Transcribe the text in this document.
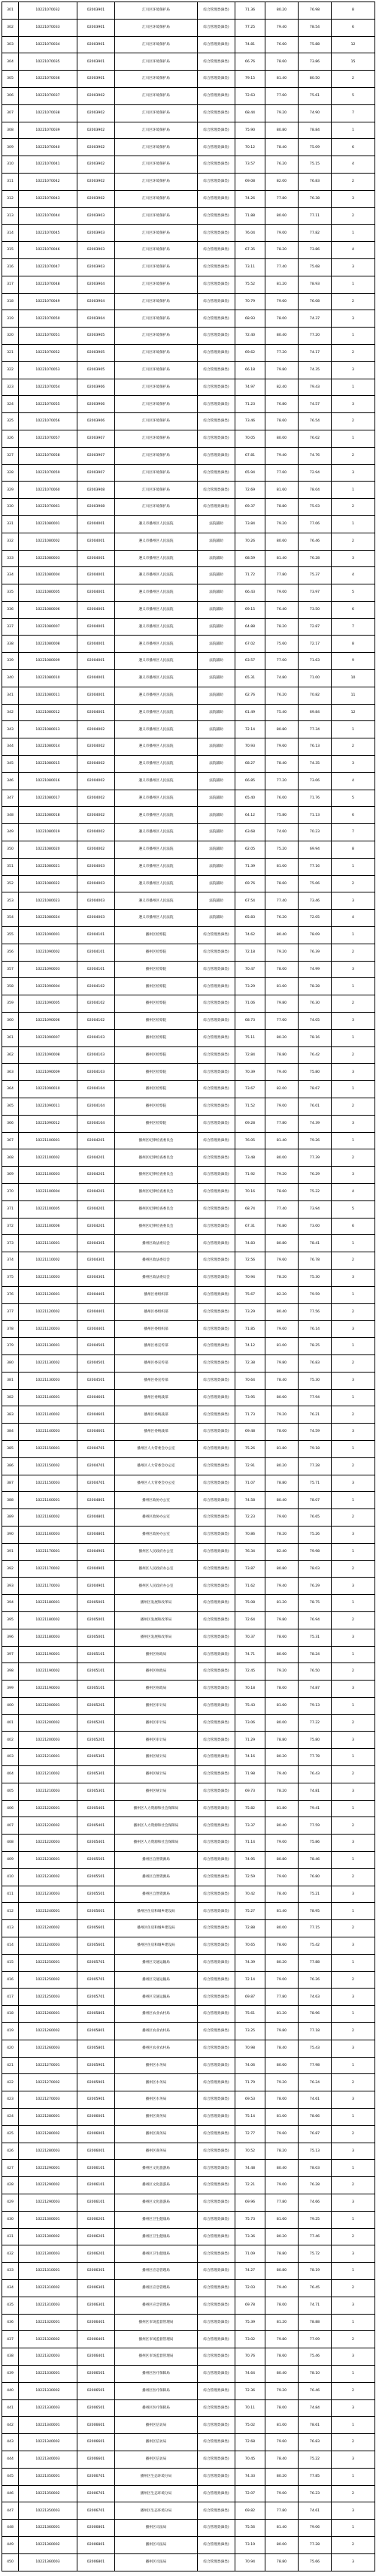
301	10221070032	02003901	汇川区环境保护局	综合管理类(B类)	71.36	80.20	76.98	8
302	10221070033	02003901	汇川区环境保护局	综合管理类(B类)	77.25	79.40	78.54	6
303	10221070034	02003901	汇川区环境保护局	综合管理类(B类)	74.81	76.60	75.88	12
304	10221070035	02003901	汇川区环境保护局	综合管理类(B类)	66.76	78.60	73.86	15
305	10221070036	02003901	汇川区环境保护局	综合管理类(B类)	79.15	81.40	80.50	2
306	10221070037	02003902	汇川区环境保护局	综合管理类(B类)	72.63	77.60	75.61	5
307	10221070038	02003902	汇川区环境保护局	综合管理类(B类)	68.44	79.20	74.90	7
308	10221070039	02003902	汇川区环境保护局	综合管理类(B类)	75.90	80.80	78.84	1
309	10221070040	02003902	汇川区环境保护局	综合管理类(B类)	70.12	78.40	75.09	6
310	10221070041	02003902	汇川区环境保护局	综合管理类(B类)	73.57	76.20	75.15	4
311	10221070042	02003902	汇川区环境保护局	综合管理类(B类)	69.08	82.00	76.83	2
312	10221070043	02003902	汇川区环境保护局	综合管理类(B类)	74.26	77.80	76.38	3
313	10221070044	02003903	汇川区环境保护局	综合管理类(B类)	71.88	80.60	77.11	2
314	10221070045	02003903	汇川区环境保护局	综合管理类(B类)	76.04	79.00	77.82	1
315	10221070046	02003903	汇川区环境保护局	综合管理类(B类)	67.35	78.20	73.86	4
316	10221070047	02003903	汇川区环境保护局	综合管理类(B类)	73.11	77.40	75.68	3
317	10221070048	02003904	汇川区环境保护局	综合管理类(B类)	75.52	81.20	78.93	1
318	10221070049	02003904	汇川区环境保护局	综合管理类(B类)	70.79	79.60	76.08	2
319	10221070050	02003904	汇川区环境保护局	综合管理类(B类)	68.93	78.00	74.37	3
320	10221070051	02003905	汇川区环境保护局	综合管理类(B类)	72.40	80.40	77.20	1
321	10221070052	02003905	汇川区环境保护局	综合管理类(B类)	69.62	77.20	74.17	2
322	10221070053	02003905	汇川区环境保护局	综合管理类(B类)	66.18	79.80	74.35	3
323	10221070054	02003906	汇川区环境保护局	综合管理类(B类)	74.97	82.40	79.43	1
324	10221070055	02003906	汇川区环境保护局	综合管理类(B类)	71.23	76.80	74.57	3
325	10221070056	02003906	汇川区环境保护局	综合管理类(B类)	73.46	78.60	76.54	2
326	10221070057	02003907	汇川区环境保护局	综合管理类(B类)	70.05	80.00	76.02	1
327	10221070058	02003907	汇川区环境保护局	综合管理类(B类)	67.81	79.40	74.76	2
328	10221070059	02003907	汇川区环境保护局	综合管理类(B类)	65.94	77.60	72.94	3
329	10221070060	02003908	汇川区环境保护局	综合管理类(B类)	72.69	81.60	78.04	1
330	10221070061	02003908	汇川区环境保护局	综合管理类(B类)	69.37	78.80	75.03	2
331	10221080001	02004001	遵义市播州区人民法院	法院辅助	73.84	79.20	77.06	1
332	10221080002	02004001	遵义市播州区人民法院	法院辅助	70.26	80.60	76.46	2
333	10221080003	02004001	遵义市播州区人民法院	法院辅助	68.59	81.40	76.28	3
334	10221080004	02004001	遵义市播州区人民法院	法院辅助	71.72	77.80	75.37	4
335	10221080005	02004001	遵义市播州区人民法院	法院辅助	66.43	79.00	73.97	5
336	10221080006	02004001	遵义市播州区人民法院	法院辅助	69.15	76.40	73.50	6
337	10221080007	02004001	遵义市播州区人民法院	法院辅助	64.88	78.20	72.87	7
338	10221080008	02004001	遵义市播州区人民法院	法院辅助	67.02	75.60	72.17	8
339	10221080009	02004001	遵义市播州区人民法院	法院辅助	63.57	77.00	71.63	9
340	10221080010	02004001	遵义市播州区人民法院	法院辅助	65.31	74.80	71.00	10
341	10221080011	02004001	遵义市播州区人民法院	法院辅助	62.76	76.20	70.82	11
342	10221080012	02004001	遵义市播州区人民法院	法院辅助	61.49	75.40	69.84	12
343	10221080013	02004002	遵义市播州区人民法院	法院辅助	72.14	80.80	77.34	1
344	10221080014	02004002	遵义市播州区人民法院	法院辅助	70.93	79.60	76.13	2
345	10221080015	02004002	遵义市播州区人民法院	法院辅助	68.27	78.40	74.35	3
346	10221080016	02004002	遵义市播州区人民法院	法院辅助	66.85	77.20	73.06	4
347	10221080017	02004002	遵义市播州区人民法院	法院辅助	65.40	76.00	71.76	5
348	10221080018	02004002	遵义市播州区人民法院	法院辅助	64.12	75.80	71.13	6
349	10221080019	02004002	遵义市播州区人民法院	法院辅助	63.68	74.60	70.23	7
350	10221080020	02004002	遵义市播州区人民法院	法院辅助	62.05	75.20	69.94	8
351	10221080021	02004003	遵义市播州区人民法院	法院辅助	71.39	81.00	77.16	1
352	10221080022	02004003	遵义市播州区人民法院	法院辅助	69.76	78.60	75.06	2
353	10221080023	02004003	遵义市播州区人民法院	法院辅助	67.54	77.40	73.46	3
354	10221080024	02004003	遵义市播州区人民法院	法院辅助	65.83	76.20	72.05	4
355	10221090001	02004101	播州区检察院	综合管理类(B类)	74.62	80.40	78.09	1
356	10221090002	02004101	播州区检察院	综合管理类(B类)	72.18	79.20	76.39	2
357	10221090003	02004101	播州区检察院	综合管理类(B类)	70.47	78.00	74.99	3
358	10221090004	02004102	播州区检察院	综合管理类(B类)	73.29	81.60	78.28	1
359	10221090005	02004102	播州区检察院	综合管理类(B类)	71.06	79.80	76.30	2
360	10221090006	02004102	播州区检察院	综合管理类(B类)	68.73	77.60	74.05	3
361	10221090007	02004103	播州区检察院	综合管理类(B类)	75.11	80.20	78.16	1
362	10221090008	02004103	播州区检察院	综合管理类(B类)	72.84	78.80	76.42	2
363	10221090009	02004103	播州区检察院	综合管理类(B类)	70.39	79.40	75.80	3
364	10221090010	02004104	播州区检察院	综合管理类(B类)	73.67	82.00	78.67	1
365	10221090011	02004104	播州区检察院	综合管理类(B类)	71.52	79.00	76.01	2
366	10221090012	02004104	播州区检察院	综合管理类(B类)	69.28	77.80	74.39	3
367	10221100001	02004201	播州区纪律检查委员会	综合管理类(B类)	76.05	81.40	79.26	1
368	10221100002	02004201	播州区纪律检查委员会	综合管理类(B类)	73.48	80.00	77.39	2
369	10221100003	02004201	播州区纪律检查委员会	综合管理类(B类)	71.92	79.20	76.29	3
370	10221100004	02004201	播州区纪律检查委员会	综合管理类(B类)	70.16	78.60	75.22	4
371	10221100005	02004201	播州区纪律检查委员会	综合管理类(B类)	68.74	77.40	73.94	5
372	10221100006	02004201	播州区纪律检查委员会	综合管理类(B类)	67.31	76.80	73.00	6
373	10221110001	02004301	播州区政法委员会	综合管理类(B类)	74.83	80.80	78.41	1
374	10221110002	02004301	播州区政法委员会	综合管理类(B类)	72.56	79.60	76.78	2
375	10221110003	02004301	播州区政法委员会	综合管理类(B类)	70.94	78.20	75.30	3
376	10221120001	02004401	播州区委组织部	综合管理类(B类)	75.67	82.20	79.59	1
377	10221120002	02004401	播州区委组织部	综合管理类(B类)	73.29	80.40	77.56	2
378	10221120003	02004401	播州区委组织部	综合管理类(B类)	71.85	79.00	76.14	3
379	10221130001	02004501	播州区委宣传部	综合管理类(B类)	74.12	81.00	78.25	1
380	10221130002	02004501	播州区委宣传部	综合管理类(B类)	72.38	79.80	76.83	2
381	10221130003	02004501	播州区委宣传部	综合管理类(B类)	70.64	78.40	75.30	3
382	10221140001	02004601	播州区委统战部	综合管理类(B类)	73.95	80.60	77.94	1
383	10221140002	02004601	播州区委统战部	综合管理类(B类)	71.73	79.20	76.21	2
384	10221140003	02004601	播州区委统战部	综合管理类(B类)	69.48	78.00	74.59	3
385	10221150001	02004701	播州区人大常委会办公室	综合管理类(B类)	75.26	81.80	79.18	1
386	10221150002	02004701	播州区人大常委会办公室	综合管理类(B类)	72.91	80.20	77.28	2
387	10221150003	02004701	播州区人大常委会办公室	综合管理类(B类)	71.07	78.80	75.71	3
388	10221160001	02004801	播州区政协办公室	综合管理类(B类)	74.58	80.40	78.07	1
389	10221160002	02004801	播州区政协办公室	综合管理类(B类)	72.23	79.60	76.65	2
390	10221160003	02004801	播州区政协办公室	综合管理类(B类)	70.86	78.20	75.26	3
391	10221170001	02004901	播州区人民政府办公室	综合管理类(B类)	76.34	82.40	79.98	1
392	10221170002	02004901	播州区人民政府办公室	综合管理类(B类)	73.87	80.80	78.03	2
393	10221170003	02004901	播州区人民政府办公室	综合管理类(B类)	71.62	79.40	76.29	3
394	10221180001	02005001	播州区发展和改革局	综合管理类(B类)	75.08	81.20	78.75	1
395	10221180002	02005001	播州区发展和改革局	综合管理类(B类)	72.64	79.80	76.94	2
396	10221180003	02005001	播州区发展和改革局	综合管理类(B类)	70.37	78.60	75.31	3
397	10221190001	02005101	播州区财政局	综合管理类(B类)	74.71	80.60	78.24	1
398	10221190002	02005101	播州区财政局	综合管理类(B类)	72.45	79.20	76.50	2
399	10221190003	02005101	播州区财政局	综合管理类(B类)	70.18	78.00	74.87	3
400	10221200001	02005201	播州区审计局	综合管理类(B类)	75.43	81.60	79.13	1
401	10221200002	02005201	播州区审计局	综合管理类(B类)	73.06	80.00	77.22	2
402	10221200003	02005201	播州区审计局	综合管理类(B类)	71.29	78.80	75.80	3
403	10221210001	02005301	播州区统计局	综合管理类(B类)	74.16	80.20	77.78	1
404	10221210002	02005301	播州区统计局	综合管理类(B类)	71.98	79.40	76.43	2
405	10221210003	02005301	播州区统计局	综合管理类(B类)	69.73	78.20	74.81	3
406	10221220001	02005401	播州区人力资源和社会保障局	综合管理类(B类)	75.82	81.80	79.41	1
407	10221220002	02005401	播州区人力资源和社会保障局	综合管理类(B类)	73.37	80.40	77.59	2
408	10221220003	02005401	播州区人力资源和社会保障局	综合管理类(B类)	71.14	79.00	75.86	3
409	10221230001	02005501	播州区自然资源局	综合管理类(B类)	74.95	80.80	78.46	1
410	10221230002	02005501	播州区自然资源局	综合管理类(B类)	72.59	79.60	76.80	2
411	10221230003	02005501	播州区自然资源局	综合管理类(B类)	70.42	78.40	75.21	3
412	10221240001	02005601	播州区住房和城乡建设局	综合管理类(B类)	75.27	81.40	78.95	1
413	10221240002	02005601	播州区住房和城乡建设局	综合管理类(B类)	72.88	80.00	77.15	2
414	10221240003	02005601	播州区住房和城乡建设局	综合管理类(B类)	70.65	78.60	75.42	3
415	10221250001	02005701	播州区交通运输局	综合管理类(B类)	74.39	80.20	77.88	1
416	10221250002	02005701	播州区交通运输局	综合管理类(B类)	72.14	79.00	76.26	2
417	10221250003	02005701	播州区交通运输局	综合管理类(B类)	69.87	77.80	74.63	3
418	10221260001	02005801	播州区农业农村局	综合管理类(B类)	75.61	81.20	78.96	1
419	10221260002	02005801	播州区农业农村局	综合管理类(B类)	73.25	79.80	77.18	2
420	10221260003	02005801	播州区农业农村局	综合管理类(B类)	70.98	78.40	75.43	3
421	10221270001	02005901	播州区水务局	综合管理类(B类)	74.06	80.60	77.98	1
422	10221270002	02005901	播州区水务局	综合管理类(B类)	71.79	79.20	76.24	2
423	10221270003	02005901	播州区水务局	综合管理类(B类)	69.53	78.00	74.61	3
424	10221280001	02006001	播州区商务局	综合管理类(B类)	75.14	81.00	78.66	1
425	10221280002	02006001	播州区商务局	综合管理类(B类)	72.77	79.60	76.87	2
426	10221280003	02006001	播州区商务局	综合管理类(B类)	70.52	78.20	75.13	3
427	10221290001	02006101	播州区文化旅游局	综合管理类(B类)	74.48	80.40	78.03	1
428	10221290002	02006101	播州区文化旅游局	综合管理类(B类)	72.21	79.00	76.28	2
429	10221290003	02006101	播州区文化旅游局	综合管理类(B类)	69.96	77.80	74.66	3
430	10221300001	02006201	播州区卫生健康局	综合管理类(B类)	75.73	81.60	79.25	1
431	10221300002	02006201	播州区卫生健康局	综合管理类(B类)	73.36	80.20	77.46	2
432	10221300003	02006201	播州区卫生健康局	综合管理类(B类)	71.09	78.80	75.72	3
433	10221310001	02006301	播州区应急管理局	综合管理类(B类)	74.27	80.80	78.19	1
434	10221310002	02006301	播州区应急管理局	综合管理类(B类)	72.03	79.40	76.45	2
435	10221310003	02006301	播州区应急管理局	综合管理类(B类)	69.78	78.00	74.71	3
436	10221320001	02006401	播州区市场监督管理局	综合管理类(B类)	75.39	81.20	78.88	1
437	10221320002	02006401	播州区市场监督管理局	综合管理类(B类)	73.02	79.80	77.09	2
438	10221320003	02006401	播州区市场监督管理局	综合管理类(B类)	70.76	78.60	75.46	3
439	10221330001	02006501	播州区医疗保障局	综合管理类(B类)	74.64	80.40	78.10	1
440	10221330002	02006501	播州区医疗保障局	综合管理类(B类)	72.36	79.20	76.46	2
441	10221330003	02006501	播州区医疗保障局	综合管理类(B类)	70.11	78.00	74.84	3
442	10221340001	02006601	播州区信访局	综合管理类(B类)	75.02	81.00	78.61	1
443	10221340002	02006601	播州区信访局	综合管理类(B类)	72.68	79.60	76.83	2
444	10221340003	02006601	播州区信访局	综合管理类(B类)	70.45	78.40	75.22	3
445	10221350001	02006701	播州区生态环境分局	综合管理类(B类)	74.33	80.20	77.85	1
446	10221350002	02006701	播州区生态环境分局	综合管理类(B类)	72.07	79.00	76.23	2
447	10221350003	02006701	播州区生态环境分局	综合管理类(B类)	69.82	77.80	74.61	3
448	10221360001	02006801	播州区司法局	综合管理类(B类)	75.56	81.40	79.06	1
449	10221360002	02006801	播州区司法局	综合管理类(B类)	73.19	80.00	77.28	2
450	10221360003	02006801	播州区司法局	综合管理类(B类)	70.94	78.80	75.66	3
